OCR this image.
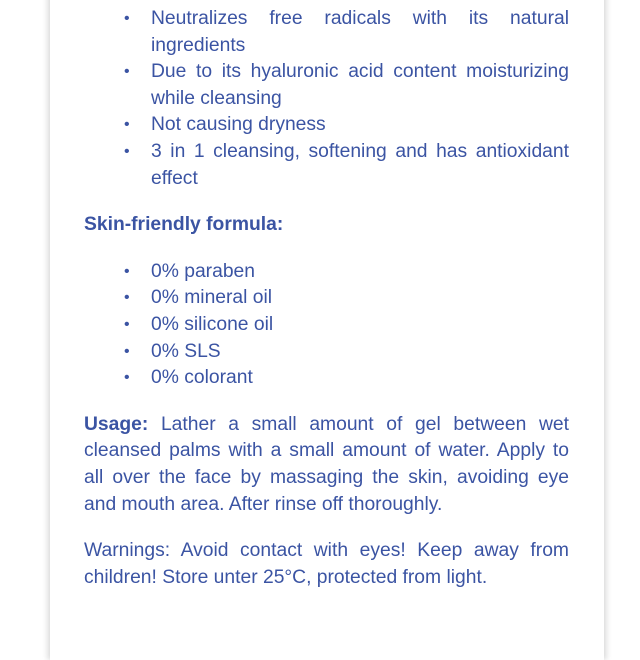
• Neutralizes free radicals with its natural ingredients
• Due to its hyaluronic acid content moisturizing while cleansing
• Not causing dryness
• 3 in 1 cleansing, softening and has antioxidant effect
Skin-friendly formula:
• 0% paraben
• 0% mineral oil
• 0% silicone oil
• 0% SLS
• 0% colorant

Usage: Lather a small amount of gel between wet cleansed palms with a small amount of water. Apply to all over the face by massaging the skin, avoiding eye and mouth area. After rinse off thoroughly.

Warnings: Avoid contact with eyes! Keep away from children! Store unter 25°C, protected from light.
